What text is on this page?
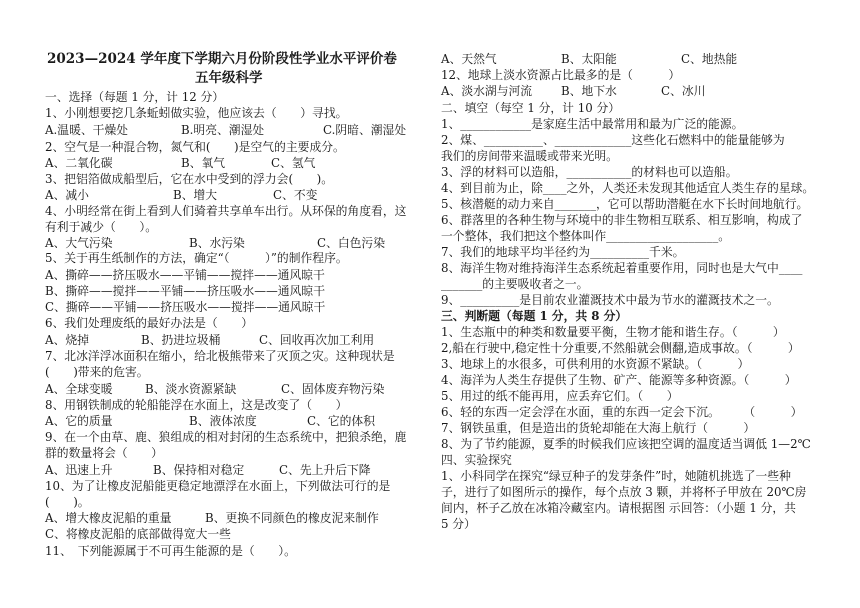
2023—2024 学年度下学期六月份阶段性学业水平评价卷
五年级科学
一、选择（每题 1 分，计 12 分）
1、小刚想要挖几条蚯蚓做实验，他应该去（　　）寻找。
2、空气是一种混合物，氮气和(　　)是空气的主要成分。
3、把铝箔做成船型后，它在水中受到的浮力会(　　)。
4、小明经常在街上看到人们骑着共享单车出行。从环保的角度看，这
有利于减少（　　）。
5、关于再生纸制作的方法，确定“（　　　）”的制作程序。
A、撕碎——挤压吸水——平铺——搅拌——通风晾干
B、撕碎——搅拌——平铺——挤压吸水——通风晾干
C、撕碎——平铺——挤压吸水——搅拌——通风晾干
6、我们处理废纸的最好办法是（　　）
7、北冰洋浮冰面积在缩小，给北极熊带来了灭顶之灾。这种现状是
(　　)带来的危害。
8、用钢铁制成的轮船能浮在水面上，这是改变了（　　）
9、在一个由草、鹿、狼组成的相对封闭的生态系统中，把狼杀绝，鹿
群的数量将会（　　）
10、为了让橡皮泥船能更稳定地漂浮在水面上，下列做法可行的是
(　　)。
C、将橡皮泥船的底部做得宽大一些
11、　下列能源属于不可再生能源的是（　　）。
A.温暖、干燥处	B.明亮、潮湿处	C.阴暗、潮湿处
A、二氧化碳	B、氧气	C、氢气
A、减小	B、增大	C、不变
A、大气污染	B、水污染	C、白色污染
A、烧掉	B、扔进垃圾桶	C、回收再次加工利用
A、全球变暖	B、淡水资源紧缺	C、固体废弃物污染
A、它的质量	B、液体浓度	C、它的体积
A、迅速上升	B、保持相对稳定	C、先上升后下降
A、增大橡皮泥船的重量	B、更换不同颜色的橡皮泥来制作
12、地球上淡水资源占比最多的是（　　　）
二、填空（每空 1 分，计 10 分）
1、____________是家庭生活中最常用和最为广泛的能源。
2、煤、__________、_____________这些化石燃料中的能量能够为
我们的房间带来温暖或带来光明。
3、浮的材料可以造船，___________的材料也可以造船。
4、到目前为止，除____之外，人类还未发现其他适宜人类生存的星球。
5、核潜艇的动力来自_______，它可以帮助潜艇在水下长时间地航行。
6、群落里的各种生物与环境中的非生物相互联系、相互影响，构成了
一个整体，我们把这个整体叫作___________________。
7、我们的地球平均半径约为__________千米。
8、海洋生物对维持海洋生态系统起着重要作用，同时也是大气中____
_______的主要吸收者之一。
9、__________是目前农业灌溉技术中最为节水的灌溉技术之一。
三、判断题（每题 1 分，共 8 分）
1、生态瓶中的种类和数量要平衡，生物才能和谐生存。（　　　）
2,船在行驶中,稳定性十分重要,不然船就会侧翻,造成事故。（　　　）
3、地球上的水很多，可供利用的水资源不紧缺。（　　　）
4、海洋为人类生存提供了生物、矿产、能源等多种资源。（　　　）
5、用过的纸不能再用，应丢弃它们。（　　）
6、轻的东西一定会浮在水面，重的东西一定会下沉。　　　（　　　）
7、钢铁虽重，但是造出的货轮却能在大海上航行（　　　）
8、为了节约能源，夏季的时候我们应该把空调的温度适当调低 1—2℃
四、实验探究
1、小科同学在探究“绿豆种子的发芽条件”时，她随机挑选了一些种
子，进行了如图所示的操作，每个点放 3 颗，并将杯子甲放在 20℃房
间内，杯子乙放在冰箱冷藏室内。请根据图 示回答：（小题 1 分，共
5 分）
A、天然气	B、太阳能	C、地热能
A、淡水湖与河流 B、地下水	C、冰川
